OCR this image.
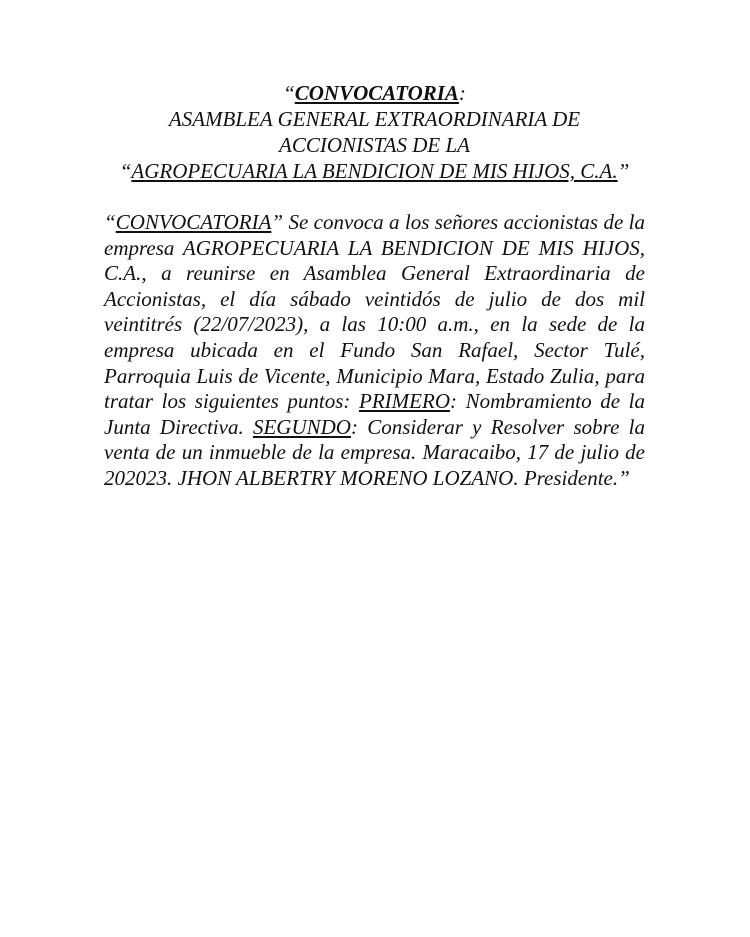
“CONVOCATORIA:
ASAMBLEA GENERAL EXTRAORDINARIA DE
ACCIONISTAS DE LA
“AGROPECUARIA LA BENDICION DE MIS HIJOS, C.A.”

“CONVOCATORIA” Se convoca a los señores accionistas de la empresa AGROPECUARIA LA BENDICION DE MIS HIJOS, C.A., a reunirse en Asamblea General Extraordinaria de Accionistas, el día sábado veintidós de julio de dos mil veintitrés (22/07/2023), a las 10:00 a.m., en la sede de la empresa ubicada en el Fundo San Rafael, Sector Tulé, Parroquia Luis de Vicente, Municipio Mara, Estado Zulia, para tratar los siguientes puntos: PRIMERO: Nombramiento de la Junta Directiva. SEGUNDO: Considerar y Resolver sobre la venta de un inmueble de la empresa. Maracaibo, 17 de julio de 202023. JHON ALBERTRY MORENO LOZANO. Presidente.”
